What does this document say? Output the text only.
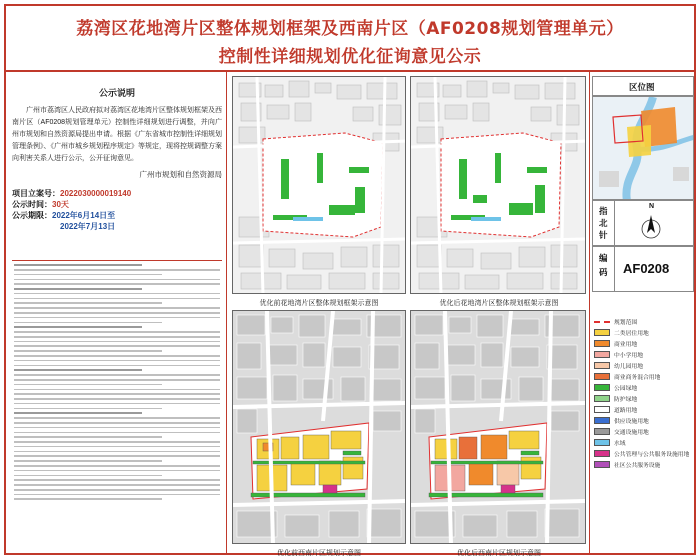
荔湾区花地湾片区整体规划框架及西南片区（AF0208规划管理单元）
控制性详细规划优化征询意见公示
公示说明
广州市荔湾区人民政府拟对荔湾区花地湾片区整体规划框架及西南片区（AF0208规划管理单元）控制性详细规划进行调整，并向广州市规划和自然资源局提出申请。根据《广东省城市控制性详细规划管理条例》、《广州市城乡规划程序规定》等规定，现将控规调整方案向利害关系人进行公示，公开征询意见。
广州市规划和自然资源局
项目立案号：2022030000019140
公示时间：30天
公示期限：2022年6月14日至
2022年7月13日
优化前花地湾片区整体规划框架示意图	优化后花地湾片区整体规划框架示意图
优化前西南片区规划示意图	优化后西南片区规划示意图
区位图
指北针
N
编码 AF0208
规划范围
二类居住用地
商业用地
中小学用地
幼儿园用地
商业商务混合用地
公园绿地
防护绿地
道路用地
供应设施用地
交通设施用地
水域
公共管理与公共服务设施用地
社区公共服务设施
